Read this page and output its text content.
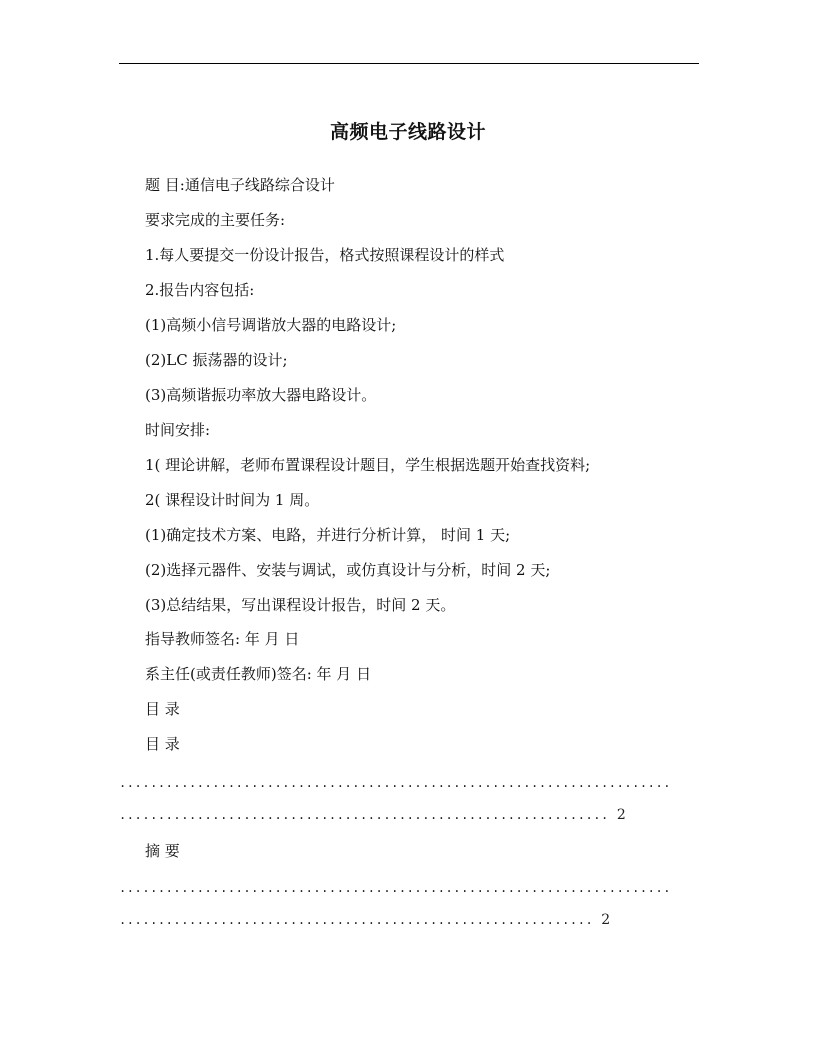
高频电子线路设计
题 目:通信电子线路综合设计
要求完成的主要任务:
1.每人要提交一份设计报告，格式按照课程设计的样式
2.报告内容包括:
(1)高频小信号调谐放大器的电路设计;
(2)LC 振荡器的设计;
(3)高频谐振功率放大器电路设计。
时间安排:
1( 理论讲解，老师布置课程设计题目，学生根据选题开始查找资料;
2( 课程设计时间为 1 周。
(1)确定技术方案、电路，并进行分析计算， 时间 1 天;
(2)选择元器件、安装与调试，或仿真设计与分析，时间 2 天;
(3)总结结果，写出课程设计报告，时间 2 天。
指导教师签名: 年 月 日
系主任(或责任教师)签名: 年 月 日
目 录
目 录
.......................................................................
............................................................... 2
摘 要
.......................................................................
............................................................. 2
